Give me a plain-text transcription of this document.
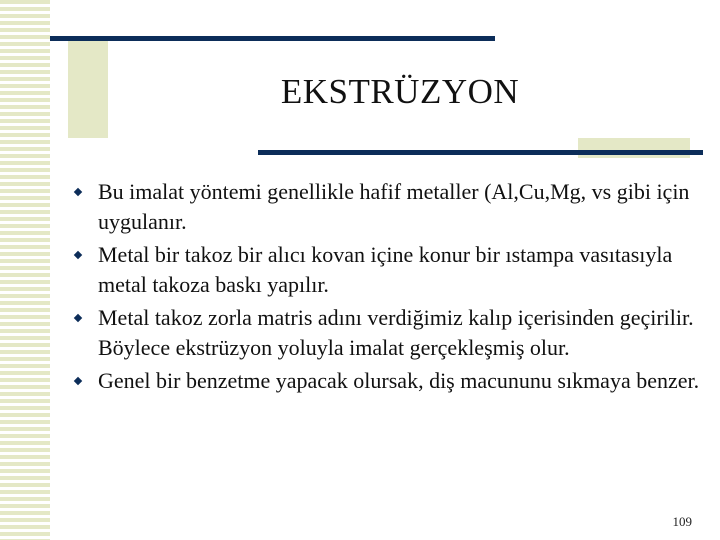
EKSTRÜZYON
Bu imalat yöntemi genellikle hafif metaller (Al,Cu,Mg, vs gibi için uygulanır.
Metal bir takoz bir alıcı kovan içine konur bir ıstampa vasıtasıyla metal takoza baskı yapılır.
Metal takoz zorla matris adını verdiğimiz kalıp içerisinden geçirilir. Böylece ekstrüzyon yoluyla imalat gerçekleşmiş olur.
Genel bir benzetme yapacak olursak, diş macununu sıkmaya benzer.
109
